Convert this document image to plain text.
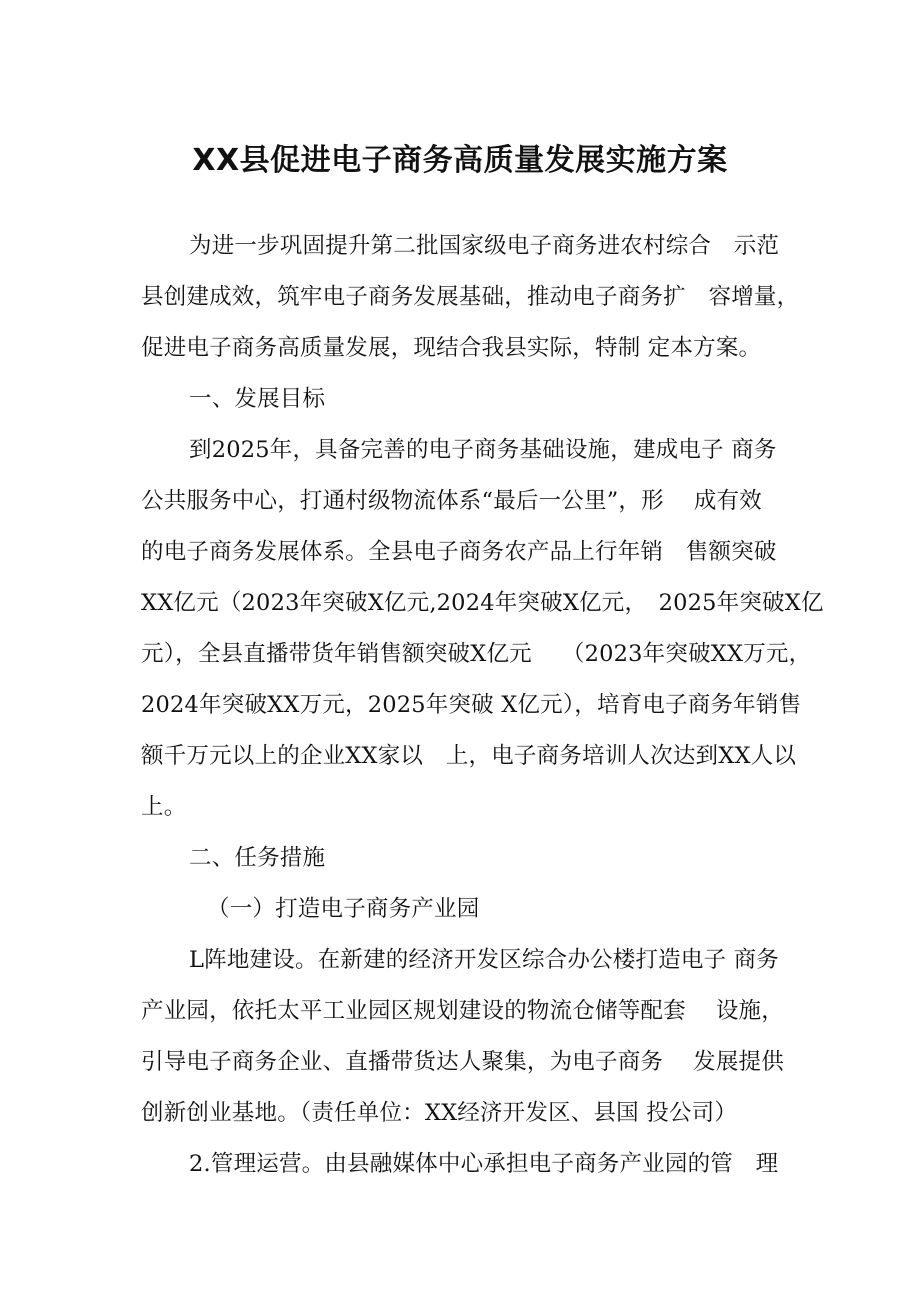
XX县促进电子商务高质量发展实施方案
为进一步巩固提升第二批国家级电子商务进农村综合　示范
县创建成效，筑牢电子商务发展基础，推动电子商务扩　容增量，
促进电子商务高质量发展，现结合我县实际，特制 定本方案。
一、发展目标
到2025年，具备完善的电子商务基础设施，建成电子 商务
公共服务中心，打通村级物流体系“最后一公里”，形　 成有效
的电子商务发展体系。全县电子商务农产品上行年销　售额突破
XX亿元（2023年突破X亿元,2024年突破X亿元，　2025年突破X亿
元），全县直播带货年销售额突破X亿元　 （2023年突破XX万元，
2024年突破XX万元，2025年突破 X亿元），培育电子商务年销售
额千万元以上的企业XX家以　上，电子商务培训人次达到XX人以
上。
二、任务措施
（一）打造电子商务产业园
L阵地建设。在新建的经济开发区综合办公楼打造电子 商务
产业园，依托太平工业园区规划建设的物流仓储等配套　 设施，
引导电子商务企业、直播带货达人聚集，为电子商务　 发展提供
创新创业基地。（责任单位：XX经济开发区、县国 投公司）
2.管理运营。由县融媒体中心承担电子商务产业园的管　理
